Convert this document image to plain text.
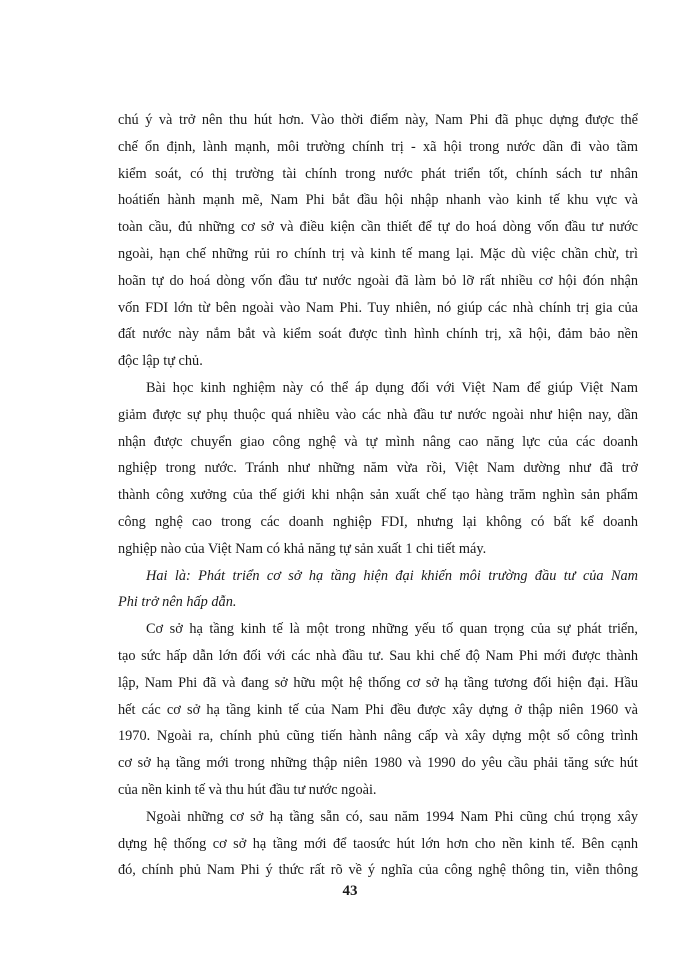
chú ý và trở nên thu hút hơn. Vào thời điểm này, Nam Phi đã phục dựng được thể
chế ổn định, lành mạnh, môi trường chính trị - xã hội trong nước dần đi vào tầm
kiểm soát, có thị trường tài chính trong nước phát triển tốt, chính sách tư nhân
hoátiến hành mạnh mẽ, Nam Phi bắt đầu hội nhập nhanh vào kinh tế khu vực và
toàn cầu, đủ những cơ sở và điều kiện cần thiết để tự do hoá dòng vốn đầu tư nước
ngoài, hạn chế những rủi ro chính trị và kinh tế mang lại. Mặc dù việc chần chừ, trì
hoãn tự do hoá dòng vốn đầu tư nước ngoài đã làm bỏ lỡ rất nhiều cơ hội đón nhận
vốn FDI lớn từ bên ngoài vào Nam Phi. Tuy nhiên, nó giúp các nhà chính trị gia của
đất nước này nắm bắt và kiểm soát được tình hình chính trị, xã hội, đảm bảo nền
độc lập tự chủ.
Bài học kinh nghiệm này có thể áp dụng đối với Việt Nam để giúp Việt Nam
giảm được sự phụ thuộc quá nhiều vào các nhà đầu tư nước ngoài như hiện nay, dần
nhận được chuyển giao công nghệ và tự mình nâng cao năng lực của các doanh
nghiệp trong nước. Tránh như những năm vừa rồi, Việt Nam dường như đã trở
thành công xưởng của thế giới khi nhận sản xuất chế tạo hàng trăm nghìn sản phẩm
công nghệ cao trong các doanh nghiệp FDI, nhưng lại không có bất kể doanh
nghiệp nào của Việt Nam có khả năng tự sản xuất 1 chi tiết máy.
Hai là: Phát triển cơ sở hạ tầng hiện đại khiến môi trường đầu tư của Nam
Phi trở nên hấp dẫn.
Cơ sở hạ tầng kinh tế là một trong những yếu tố quan trọng của sự phát triển,
tạo sức hấp dẫn lớn đối với các nhà đầu tư. Sau khi chế độ Nam Phi mới được thành
lập, Nam Phi đã và đang sở hữu một hệ thống cơ sở hạ tầng tương đối hiện đại. Hầu
hết các cơ sở hạ tầng kinh tế của Nam Phi đều được xây dựng ở thập niên 1960 và
1970. Ngoài ra, chính phủ cũng tiến hành nâng cấp và xây dựng một số công trình
cơ sở hạ tầng mới trong những thập niên 1980 và 1990 do yêu cầu phải tăng sức hút
của nền kinh tế và thu hút đầu tư nước ngoài.
Ngoài những cơ sở hạ tầng sẵn có, sau năm 1994 Nam Phi cũng chú trọng xây
dựng hệ thống cơ sở hạ tầng mới để taosức hút lớn hơn cho nền kinh tế. Bên cạnh
đó, chính phủ Nam Phi ý thức rất rõ về ý nghĩa của công nghệ thông tin, viễn thông
43
